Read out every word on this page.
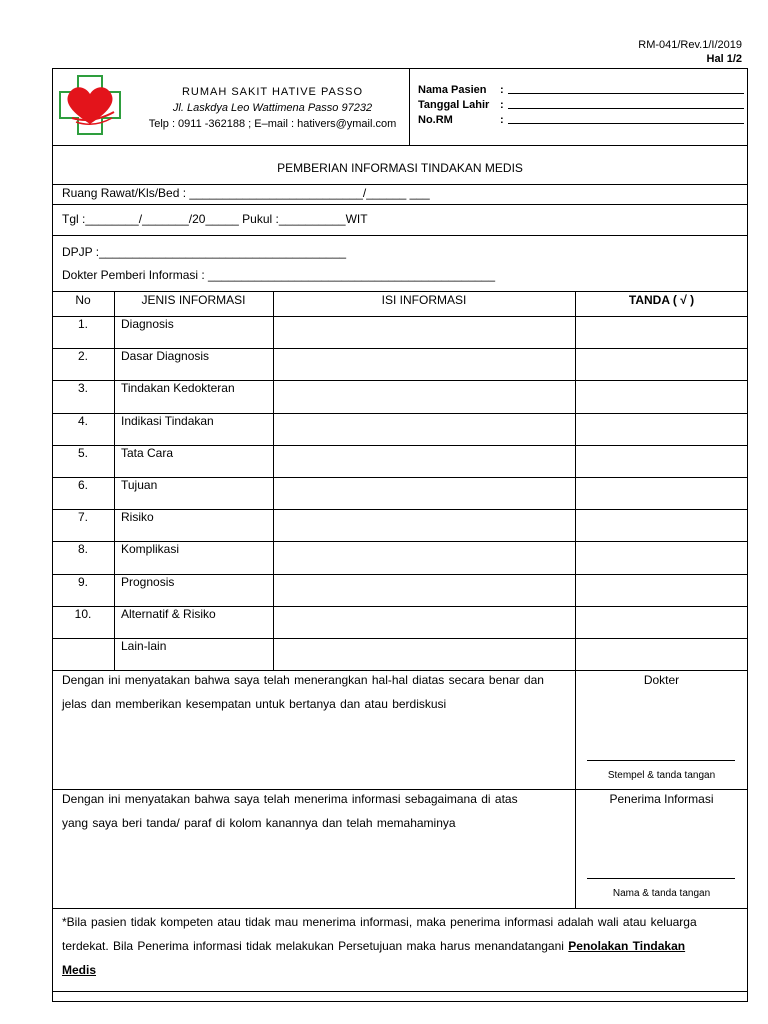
RM-041/Rev.1/I/2019
Hal 1/2
RUMAH SAKIT HATIVE PASSO
Jl. Laskdya Leo Wattimena Passo 97232
Telp : 0911 -362188 ; E–mail : hativers@ymail.com
Nama Pasien	:
Tanggal Lahir :
No.RM	:
PEMBERIAN INFORMASI TINDAKAN MEDIS
Ruang Rawat/Kls/Bed : __________________________/______ ___
Tgl :________/_______/20_____ Pukul :__________WIT
DPJP :_____________________________________
Dokter Pemberi Informasi : ___________________________________________
No	JENIS INFORMASI	ISI INFORMASI	TANDA ( √ )
1.	Diagnosis
2.	Dasar Diagnosis
3.	Tindakan Kedokteran
4.	Indikasi Tindakan
5.	Tata Cara
6.	Tujuan
7.	Risiko
8.	Komplikasi
9.	Prognosis
10.	Alternatif & Risiko
Lain-lain
Dengan ini menyatakan bahwa saya telah menerangkan hal-hal diatas secara benar dan
jelas dan memberikan kesempatan untuk bertanya dan atau berdiskusi
Dokter
Stempel & tanda tangan
Dengan ini menyatakan bahwa saya telah menerima informasi sebagaimana di atas
yang saya beri tanda/ paraf di kolom kanannya dan telah memahaminya
Penerima Informasi
Nama & tanda tangan
*Bila pasien tidak kompeten atau tidak mau menerima informasi, maka penerima informasi adalah wali atau keluarga
terdekat. Bila Penerima informasi tidak melakukan Persetujuan maka harus menandatangani Penolakan Tindakan
Medis
